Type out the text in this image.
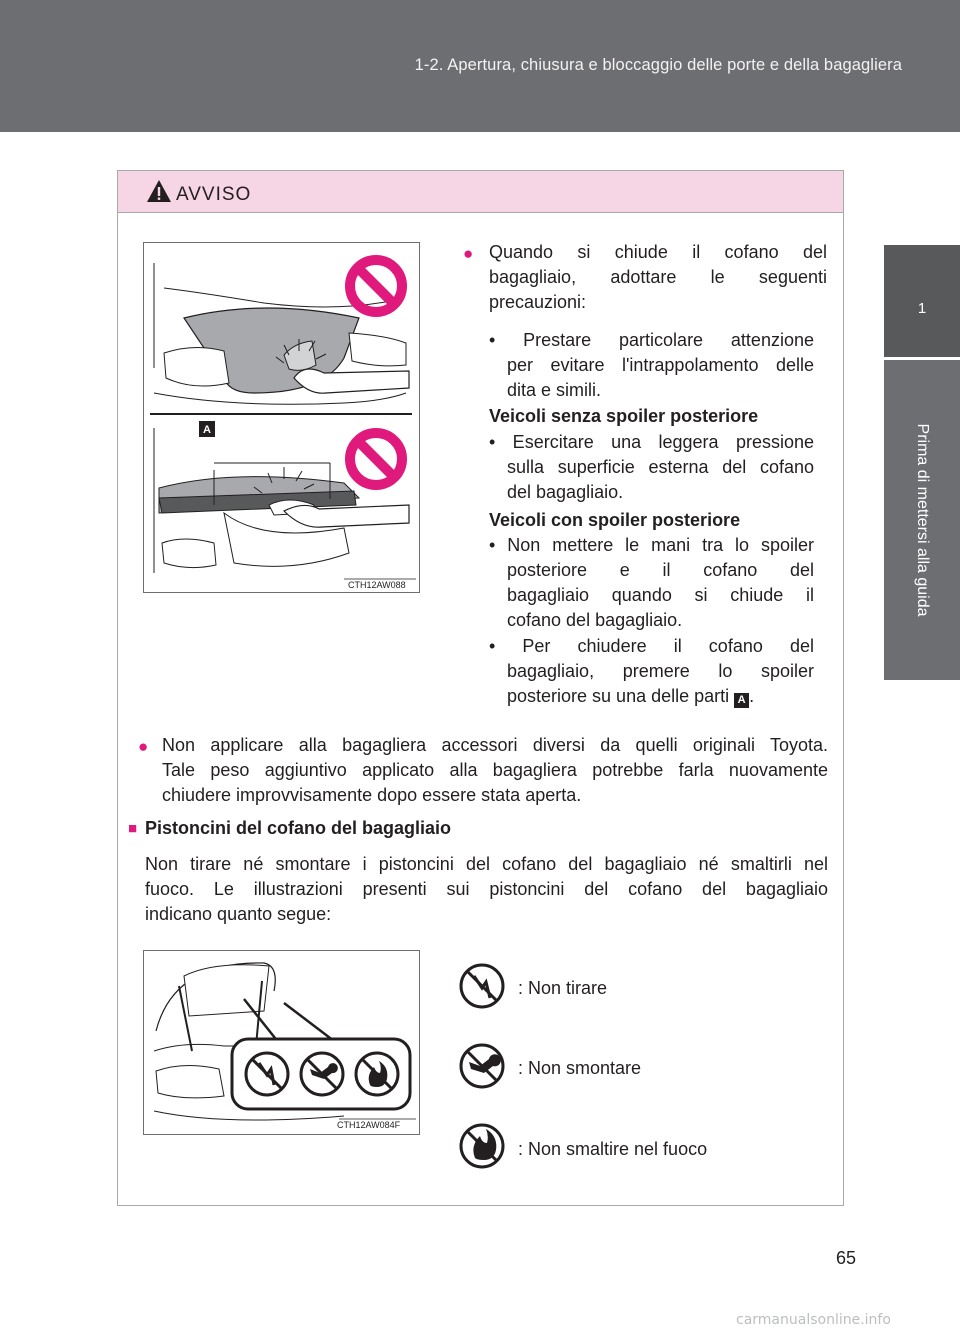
1-2. Apertura, chiusura e bloccaggio delle porte e della bagagliera
1
Prima di mettersi alla guida
AVVISO
A
CTH12AW088
● Quando si chiude il cofano del
bagagliaio, adottare le seguenti
precauzioni:
• Prestare particolare attenzione
per evitare l'intrappolamento delle
dita e simili.
Veicoli senza spoiler posteriore
• Esercitare una leggera pressione
sulla superficie esterna del cofano
del bagagliaio.
Veicoli con spoiler posteriore
• Non mettere le mani tra lo spoiler
posteriore e il cofano del
bagagliaio quando si chiude il
cofano del bagagliaio.
• Per chiudere il cofano del
bagagliaio, premere lo spoiler
posteriore su una delle parti A .
● Non applicare alla bagagliera accessori diversi da quelli originali Toyota.
Tale peso aggiuntivo applicato alla bagagliera potrebbe farla nuovamente
chiudere improvvisamente dopo essere stata aperta.
■ Pistoncini del cofano del bagagliaio
Non tirare né smontare i pistoncini del cofano del bagagliaio né smaltirli nel
fuoco. Le illustrazioni presenti sui pistoncini del cofano del bagagliaio
indicano quanto segue:
CTH12AW084F
: Non tirare
: Non smontare
: Non smaltire nel fuoco
65
carmanualsonline.info
